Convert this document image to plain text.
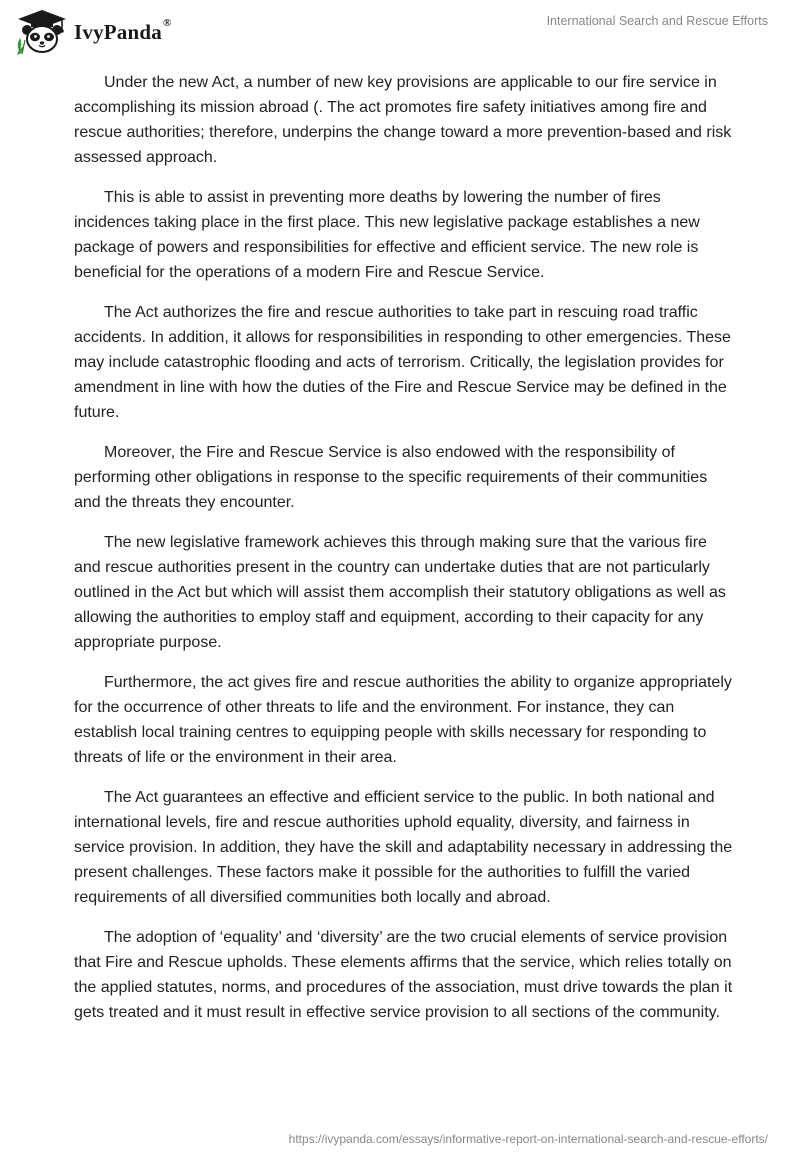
IvyPanda®	International Search and Rescue Efforts

Under the new Act, a number of new key provisions are applicable to our fire service in accomplishing its mission abroad (. The act promotes fire safety initiatives among fire and rescue authorities; therefore, underpins the change toward a more prevention-based and risk assessed approach.

This is able to assist in preventing more deaths by lowering the number of fires incidences taking place in the first place. This new legislative package establishes a new package of powers and responsibilities for effective and efficient service. The new role is beneficial for the operations of a modern Fire and Rescue Service.

The Act authorizes the fire and rescue authorities to take part in rescuing road traffic accidents. In addition, it allows for responsibilities in responding to other emergencies. These may include catastrophic flooding and acts of terrorism. Critically, the legislation provides for amendment in line with how the duties of the Fire and Rescue Service may be defined in the future.

Moreover, the Fire and Rescue Service is also endowed with the responsibility of performing other obligations in response to the specific requirements of their communities and the threats they encounter.

The new legislative framework achieves this through making sure that the various fire and rescue authorities present in the country can undertake duties that are not particularly outlined in the Act but which will assist them accomplish their statutory obligations as well as allowing the authorities to employ staff and equipment, according to their capacity for any appropriate purpose.

Furthermore, the act gives fire and rescue authorities the ability to organize appropriately for the occurrence of other threats to life and the environment. For instance, they can establish local training centres to equipping people with skills necessary for responding to threats of life or the environment in their area.

The Act guarantees an effective and efficient service to the public. In both national and international levels, fire and rescue authorities uphold equality, diversity, and fairness in service provision. In addition, they have the skill and adaptability necessary in addressing the present challenges. These factors make it possible for the authorities to fulfill the varied requirements of all diversified communities both locally and abroad.

The adoption of ‘equality’ and ‘diversity’ are the two crucial elements of service provision that Fire and Rescue upholds. These elements affirms that the service, which relies totally on the applied statutes, norms, and procedures of the association, must drive towards the plan it gets treated and it must result in effective service provision to all sections of the community.

https://ivypanda.com/essays/informative-report-on-international-search-and-rescue-efforts/
